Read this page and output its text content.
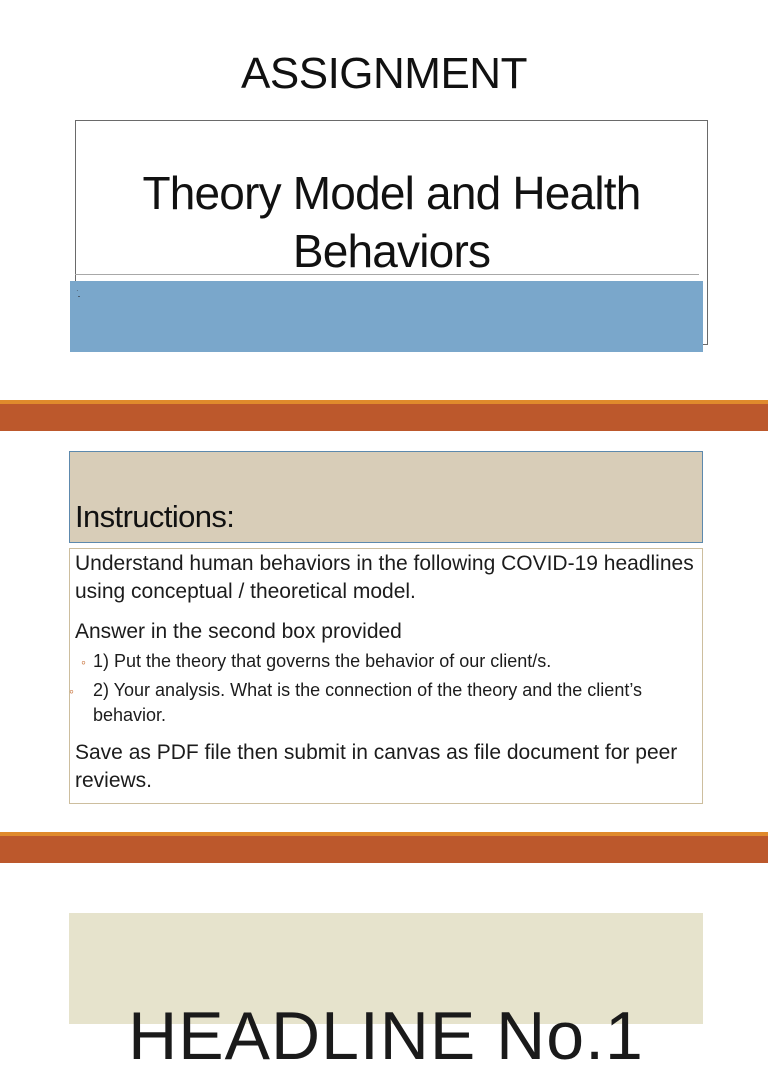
ASSIGNMENT
Theory Model and Health
Behaviors
·
Instructions:
Understand human behaviors in the following COVID-19 headlines using conceptual / theoretical model.
Answer in the second box provided
◦ 1) Put the theory that governs the behavior of our client/s.
◦ 2) Your analysis. What is the connection of the theory and the client’s behavior.
Save as PDF file then submit in canvas as file document for peer reviews.
HEADLINE No.1
